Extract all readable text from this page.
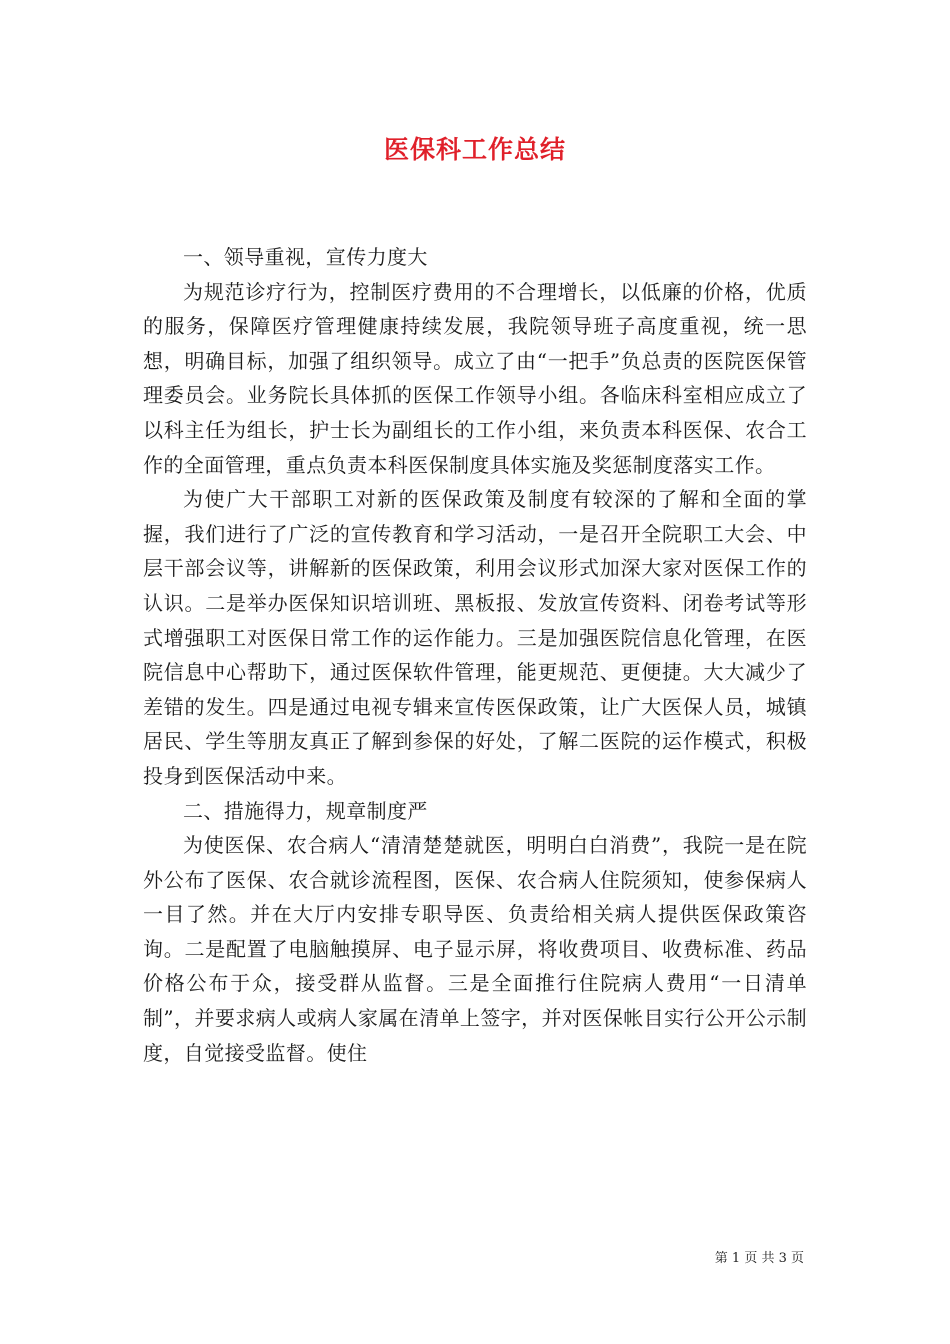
医保科工作总结

一、领导重视，宣传力度大

为规范诊疗行为，控制医疗费用的不合理增长，以低廉的价格，优质的服务，保障医疗管理健康持续发展，我院领导班子高度重视，统一思想，明确目标，加强了组织领导。成立了由“一把手”负总责的医院医保管理委员会。业务院长具体抓的医保工作领导小组。各临床科室相应成立了以科主任为组长，护士长为副组长的工作小组，来负责本科医保、农合工作的全面管理，重点负责本科医保制度具体实施及奖惩制度落实工作。

为使广大干部职工对新的医保政策及制度有较深的了解和全面的掌握，我们进行了广泛的宣传教育和学习活动，一是召开全院职工大会、中层干部会议等，讲解新的医保政策，利用会议形式加深大家对医保工作的认识。二是举办医保知识培训班、黑板报、发放宣传资料、闭卷考试等形式增强职工对医保日常工作的运作能力。三是加强医院信息化管理，在医院信息中心帮助下，通过医保软件管理，能更规范、更便捷。大大减少了差错的发生。四是通过电视专辑来宣传医保政策，让广大医保人员，城镇居民、学生等朋友真正了解到参保的好处，了解二医院的运作模式，积极投身到医保活动中来。

二、措施得力，规章制度严

为使医保、农合病人“清清楚楚就医，明明白白消费”，我院一是在院外公布了医保、农合就诊流程图，医保、农合病人住院须知，使参保病人一目了然。并在大厅内安排专职导医、负责给相关病人提供医保政策咨询。二是配置了电脑触摸屏、电子显示屏，将收费项目、收费标准、药品价格公布于众，接受群从监督。三是全面推行住院病人费用“一日清单制”，并要求病人或病人家属在清单上签字，并对医保帐目实行公开公示制度，自觉接受监督。使住

第 1 页 共 3 页
